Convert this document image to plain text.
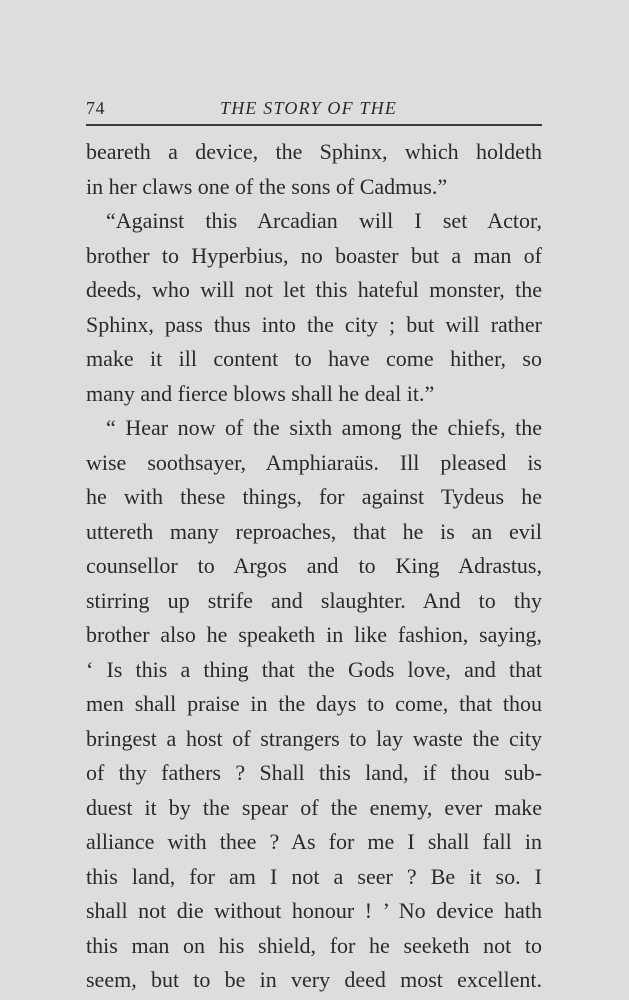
74	THE STORY OF THE
beareth a device, the Sphinx, which holdeth
in her claws one of the sons of Cadmus.”
“Against this Arcadian will I set Actor,
brother to Hyperbius, no boaster but a man of
deeds, who will not let this hateful monster, the
Sphinx, pass thus into the city ; but will rather
make it ill content to have come hither, so
many and fierce blows shall he deal it.”
“ Hear now of the sixth among the chiefs, the
wise soothsayer, Amphiaraüs. Ill pleased is
he with these things, for against Tydeus he
uttereth many reproaches, that he is an evil
counsellor to Argos and to King Adrastus,
stirring up strife and slaughter. And to thy
brother also he speaketh in like fashion, saying,
‘ Is this a thing that the Gods love, and that
men shall praise in the days to come, that thou
bringest a host of strangers to lay waste the city
of thy fathers ? Shall this land, if thou sub-
duest it by the spear of the enemy, ever make
alliance with thee ? As for me I shall fall in
this land, for am I not a seer ? Be it so. I
shall not die without honour ! ’ No device hath
this man on his shield, for he seeketh not to
seem, but to be in very deed most excellent.
